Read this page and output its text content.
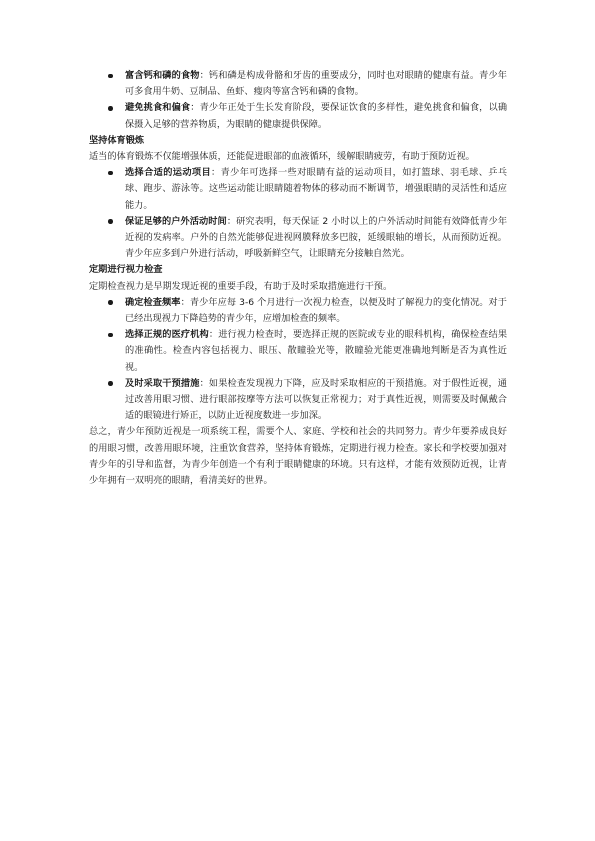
富含钙和磷的食物：钙和磷是构成骨骼和牙齿的重要成分，同时也对眼睛的健康有益。青少年可多食用牛奶、豆制品、鱼虾、瘦肉等富含钙和磷的食物。
避免挑食和偏食：青少年正处于生长发育阶段，要保证饮食的多样性，避免挑食和偏食，以确保摄入足够的营养物质，为眼睛的健康提供保障。

坚持体育锻炼

适当的体育锻炼不仅能增强体质，还能促进眼部的血液循环，缓解眼睛疲劳，有助于预防近视。

选择合适的运动项目：青少年可选择一些对眼睛有益的运动项目，如打篮球、羽毛球、乒乓球、跑步、游泳等。这些运动能让眼睛随着物体的移动而不断调节，增强眼睛的灵活性和适应能力。
保证足够的户外活动时间：研究表明，每天保证 2 小时以上的户外活动时间能有效降低青少年近视的发病率。户外的自然光能够促进视网膜释放多巴胺，延缓眼轴的增长，从而预防近视。青少年应多到户外进行活动，呼吸新鲜空气，让眼睛充分接触自然光。

定期进行视力检查

定期检查视力是早期发现近视的重要手段，有助于及时采取措施进行干预。

确定检查频率：青少年应每 3-6 个月进行一次视力检查，以便及时了解视力的变化情况。对于已经出现视力下降趋势的青少年，应增加检查的频率。
选择正规的医疗机构：进行视力检查时，要选择正规的医院或专业的眼科机构，确保检查结果的准确性。检查内容包括视力、眼压、散瞳验光等，散瞳验光能更准确地判断是否为真性近视。
及时采取干预措施：如果检查发现视力下降，应及时采取相应的干预措施。对于假性近视，通过改善用眼习惯、进行眼部按摩等方法可以恢复正常视力；对于真性近视，则需要及时佩戴合适的眼镜进行矫正，以防止近视度数进一步加深。

总之，青少年预防近视是一项系统工程，需要个人、家庭、学校和社会的共同努力。青少年要养成良好的用眼习惯，改善用眼环境，注重饮食营养，坚持体育锻炼，定期进行视力检查。家长和学校要加强对青少年的引导和监督，为青少年创造一个有利于眼睛健康的环境。只有这样，才能有效预防近视，让青少年拥有一双明亮的眼睛，看清美好的世界。
